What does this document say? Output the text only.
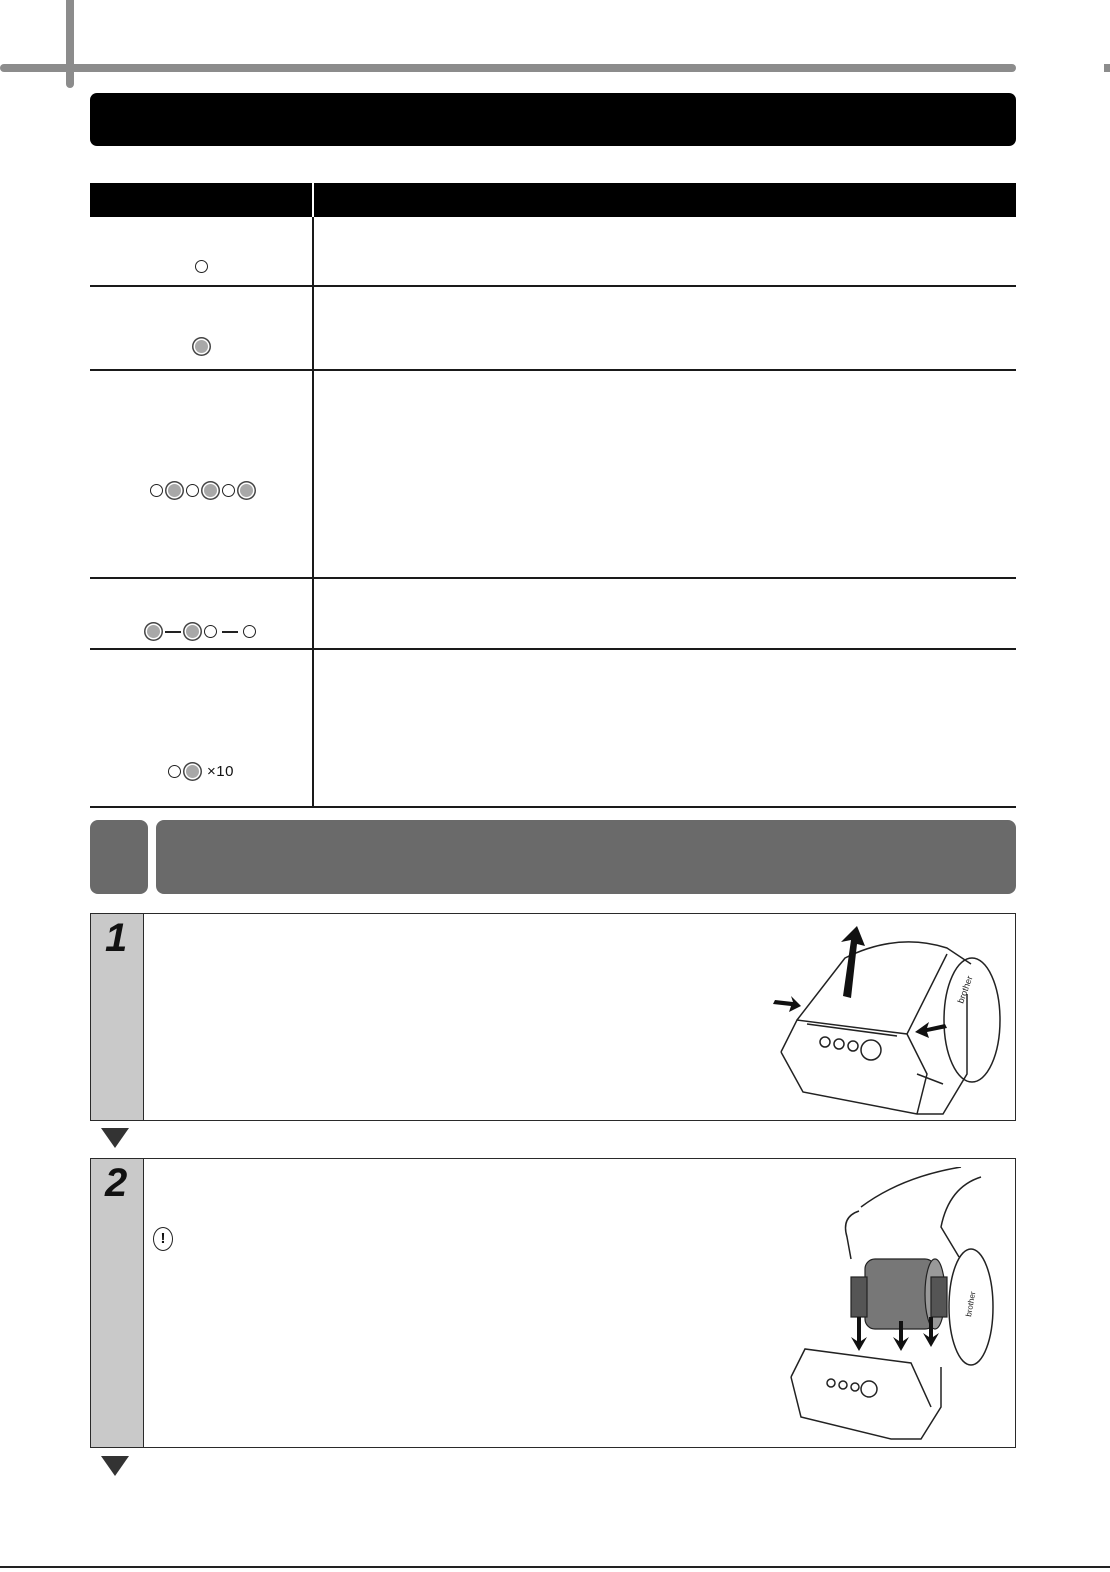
×10
1
brother
2
!
brother
